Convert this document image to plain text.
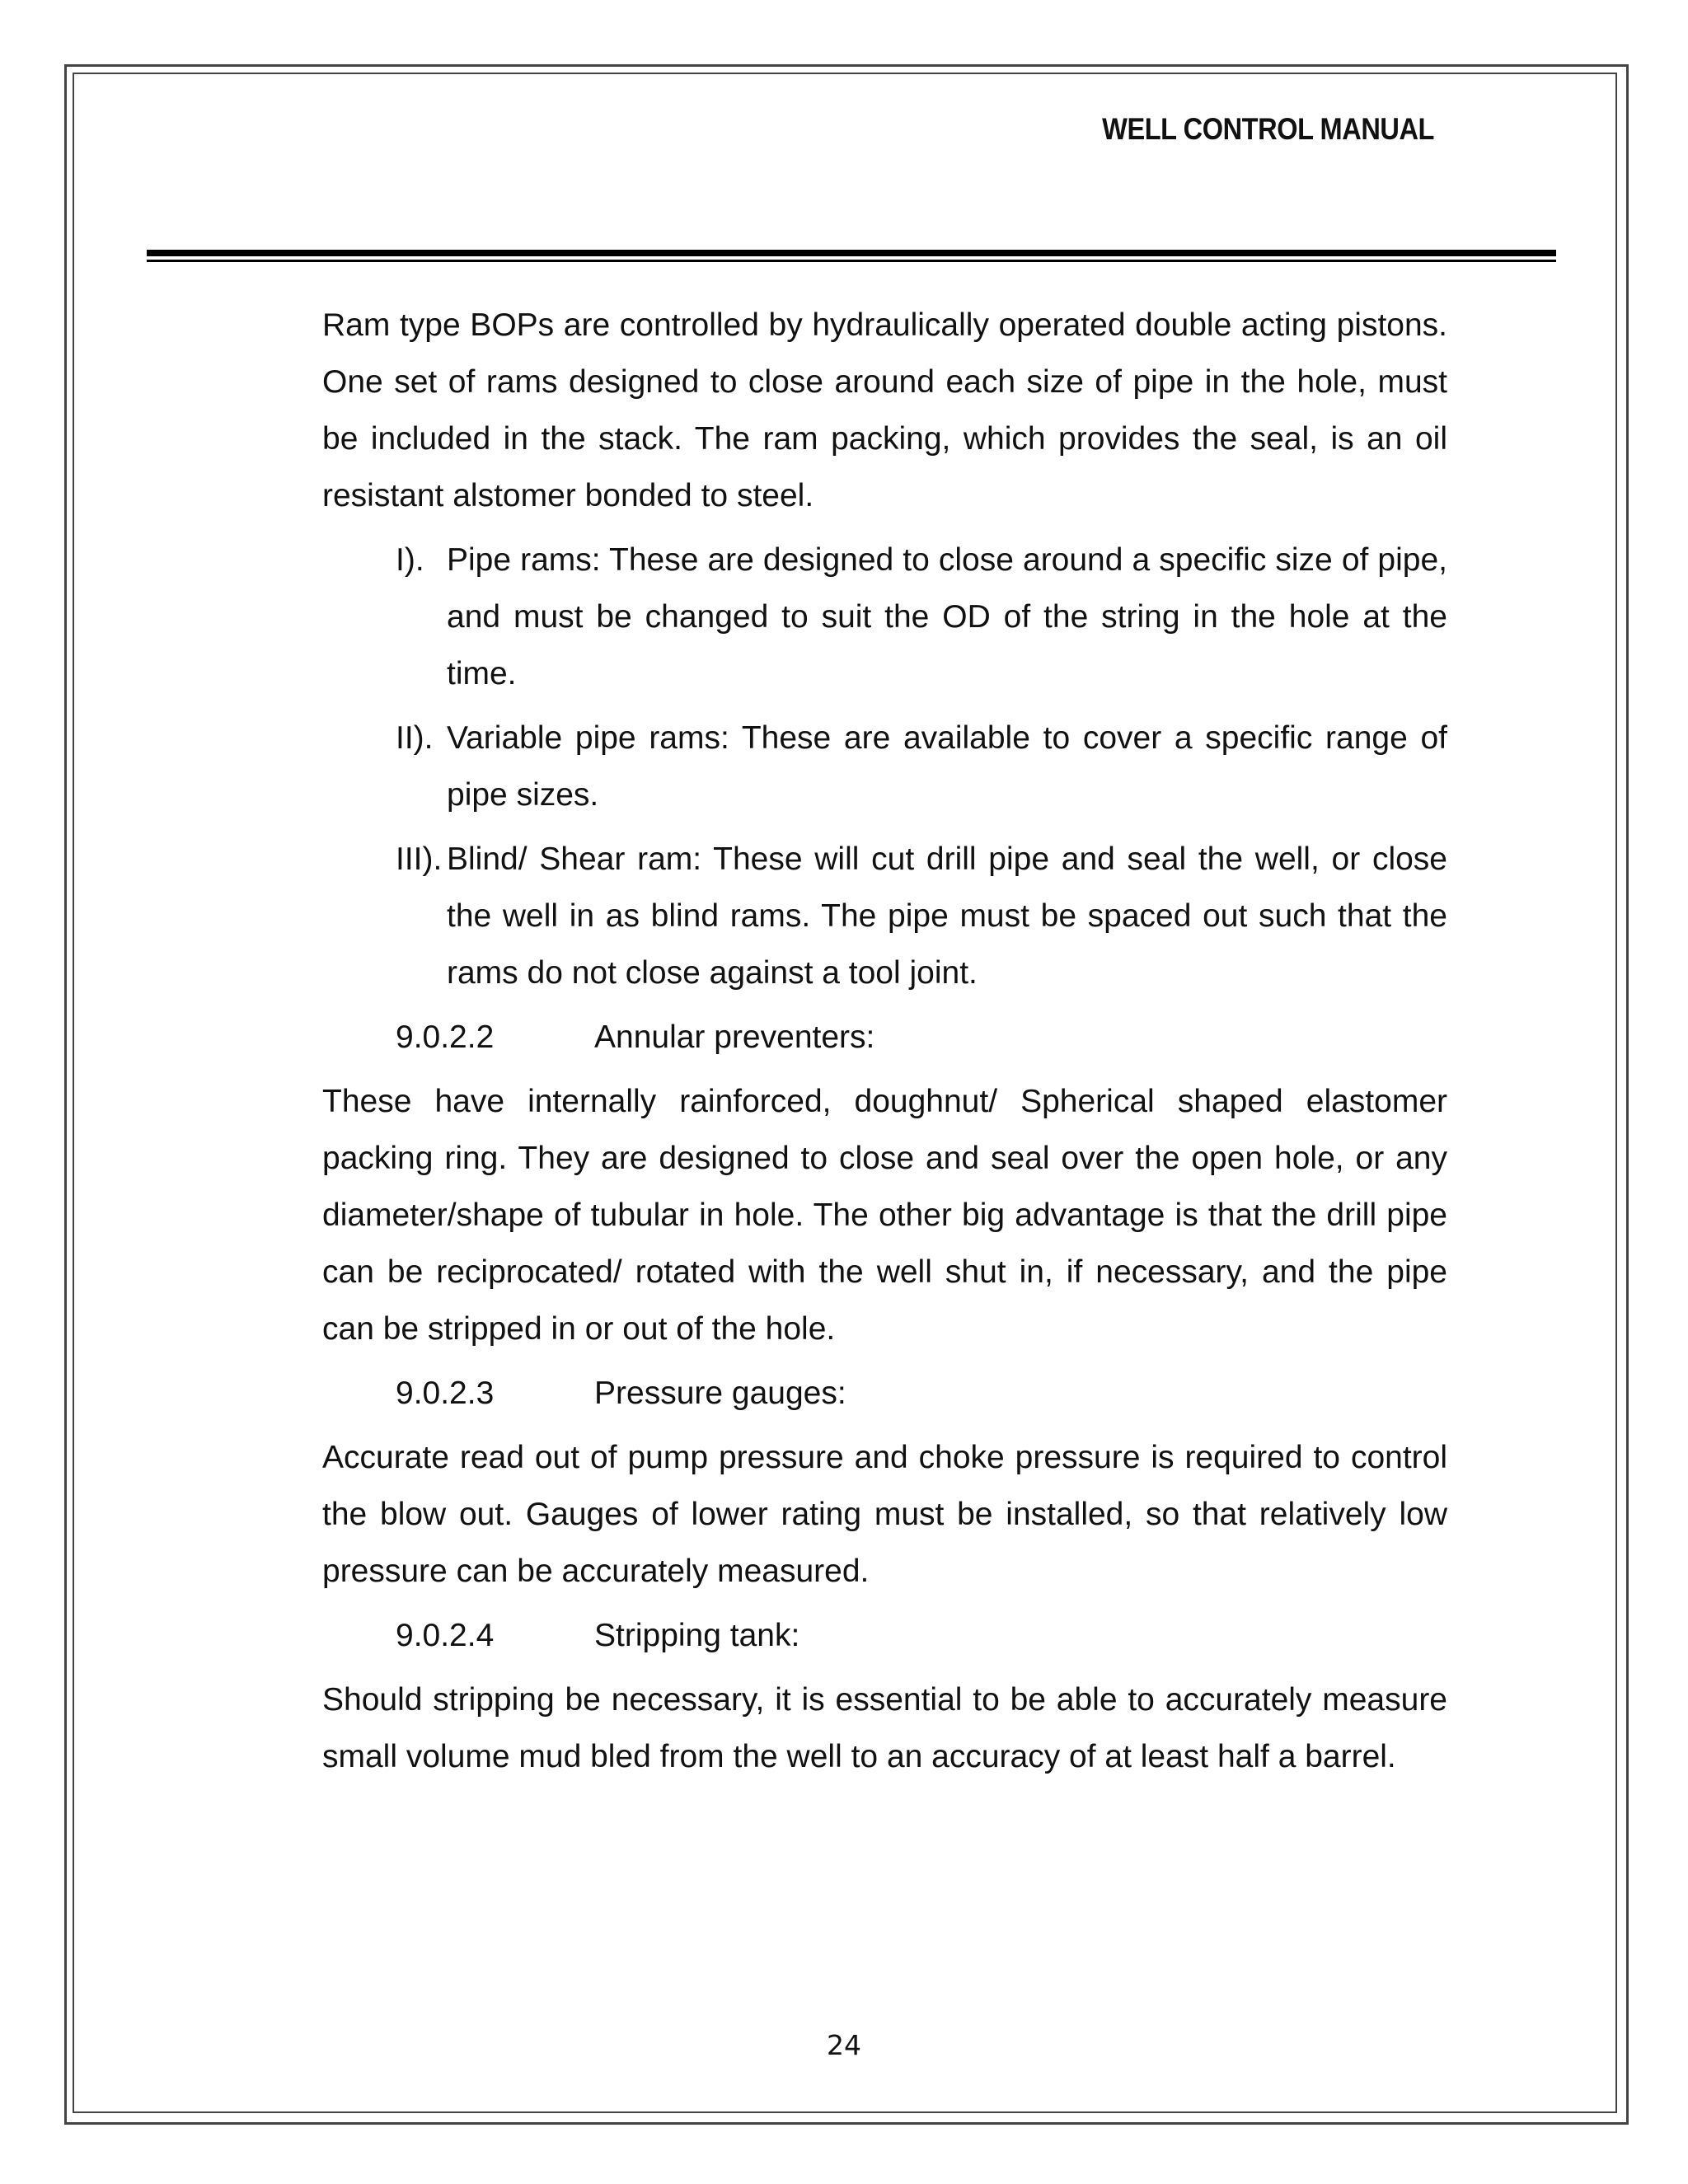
WELL CONTROL MANUAL

Ram type BOPs are controlled by hydraulically operated double acting pistons. One set of rams designed to close around each size of pipe in the hole, must be included in the stack. The ram packing, which provides the seal, is an oil resistant alstomer bonded to steel.

I). Pipe rams: These are designed to close around a specific size of pipe, and must be changed to suit the OD of the string in the hole at the time.
II). Variable pipe rams: These are available to cover a specific range of pipe sizes.
III). Blind/ Shear ram: These will cut drill pipe and seal the well, or close the well in as blind rams. The pipe must be spaced out such that the rams do not close against a tool joint.
9.0.2.2	Annular preventers:

These have internally rainforced, doughnut/ Spherical shaped elastomer packing ring. They are designed to close and seal over the open hole, or any diameter/shape of tubular in hole. The other big advantage is that the drill pipe can be reciprocated/ rotated with the well shut in, if necessary, and the pipe can be stripped in or out of the hole.

9.0.2.3	Pressure gauges:

Accurate read out of pump pressure and choke pressure is required to control the blow out. Gauges of lower rating must be installed, so that relatively low pressure can be accurately measured.

9.0.2.4	Stripping tank:

Should stripping be necessary, it is essential to be able to accurately measure small volume mud bled from the well to an accuracy of at least half a barrel.

24
